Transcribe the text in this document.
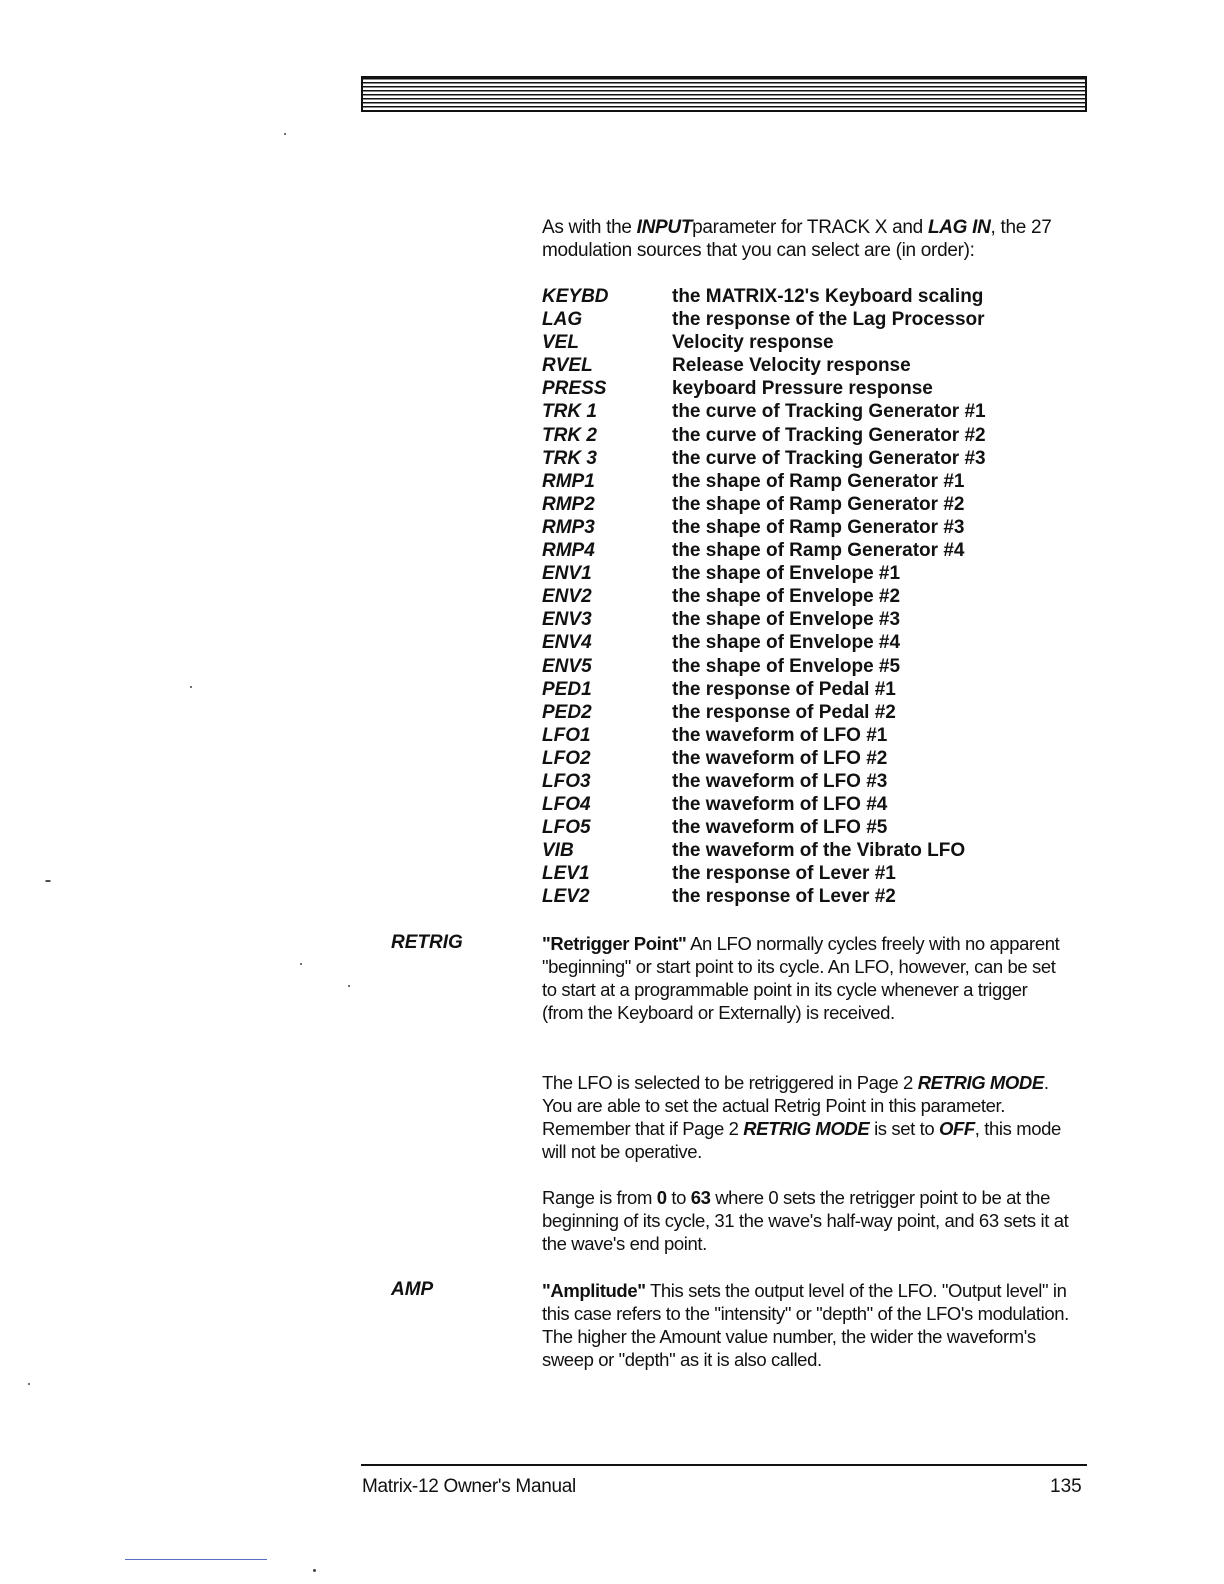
As with the INPUTparameter for TRACK X and LAG IN, the 27 modulation sources that you can select are (in order):

KEYBD	the MATRIX-12's Keyboard scaling
LAG	the response of the Lag Processor
VEL	Velocity response
RVEL	Release Velocity response
PRESS	keyboard Pressure response
TRK 1	the curve of Tracking Generator #1
TRK 2	the curve of Tracking Generator #2
TRK 3	the curve of Tracking Generator #3
RMP1	the shape of Ramp Generator #1
RMP2	the shape of Ramp Generator #2
RMP3	the shape of Ramp Generator #3
RMP4	the shape of Ramp Generator #4
ENV1	the shape of Envelope #1
ENV2	the shape of Envelope #2
ENV3	the shape of Envelope #3
ENV4	the shape of Envelope #4
ENV5	the shape of Envelope #5
PED1	the response of Pedal #1
PED2	the response of Pedal #2
LFO1	the waveform of LFO #1
LFO2	the waveform of LFO #2
LFO3	the waveform of LFO #3
LFO4	the waveform of LFO #4
LFO5	the waveform of LFO #5
VIB	the waveform of the Vibrato LFO
LEV1	the response of Lever #1
LEV2	the response of Lever #2
RETRIG	"Retrigger Point" An LFO normally cycles freely with no apparent "beginning" or start point to its cycle. An LFO, however, can be set to start at a programmable point in its cycle whenever a trigger (from the Keyboard or Externally) is received.

The LFO is selected to be retriggered in Page 2 RETRIG MODE. You are able to set the actual Retrig Point in this parameter. Remember that if Page 2 RETRIG MODE is set to OFF, this mode will not be operative.

Range is from 0 to 63 where 0 sets the retrigger point to be at the beginning of its cycle, 31 the wave's half-way point, and 63 sets it at the wave's end point.

AMP	"Amplitude" This sets the output level of the LFO. "Output level" in this case refers to the "intensity" or "depth" of the LFO's modulation. The higher the Amount value number, the wider the waveform's sweep or "depth" as it is also called.

Matrix-12 Owner's Manual	135
